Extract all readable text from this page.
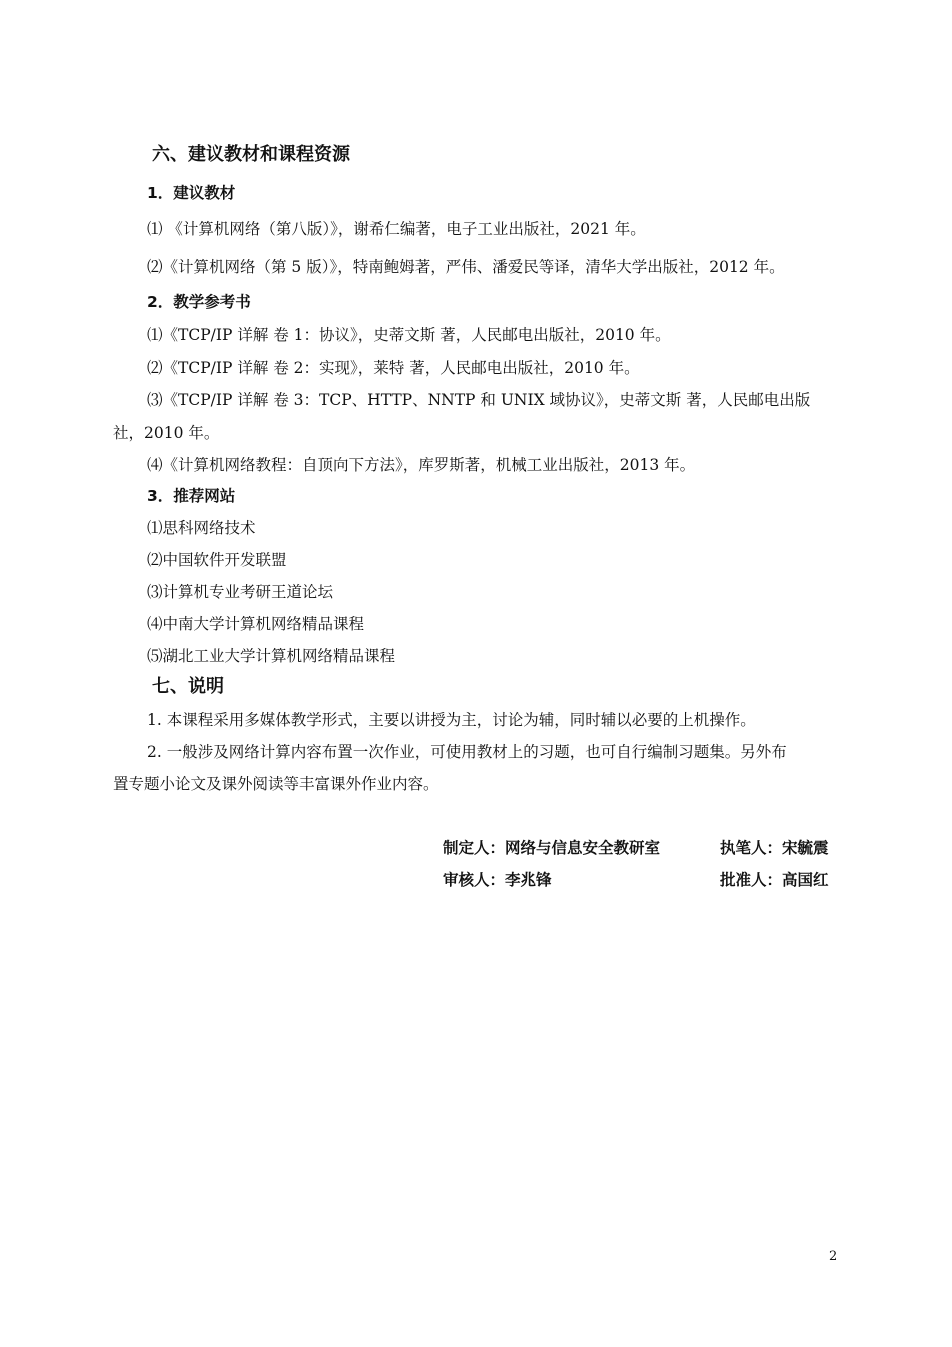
六、建议教材和课程资源
1．建议教材
⑴ 《计算机网络（第八版）》，谢希仁编著，电子工业出版社，2021 年。
⑵《计算机网络（第 5 版）》，特南鲍姆著，严伟、潘爱民等译，清华大学出版社，2012 年。
2．教学参考书
⑴《TCP/IP 详解 卷 1：协议》，史蒂文斯 著，人民邮电出版社，2010 年。
⑵《TCP/IP 详解 卷 2：实现》，莱特 著，人民邮电出版社，2010 年。
⑶《TCP/IP 详解 卷 3：TCP、HTTP、NNTP 和 UNIX 域协议》，史蒂文斯 著，人民邮电出版
社，2010 年。
⑷《计算机网络教程：自顶向下方法》，库罗斯著，机械工业出版社，2013 年。
3．推荐网站
⑴思科网络技术
⑵中国软件开发联盟
⑶计算机专业考研王道论坛
⑷中南大学计算机网络精品课程
⑸湖北工业大学计算机网络精品课程
七、说明
1. 本课程采用多媒体教学形式，主要以讲授为主，讨论为辅，同时辅以必要的上机操作。
2. 一般涉及网络计算内容布置一次作业，可使用教材上的习题，也可自行编制习题集。另外布
置专题小论文及课外阅读等丰富课外作业内容。
制定人：网络与信息安全教研室	执笔人：宋毓震
审核人：李兆锋	批准人：高国红
2
